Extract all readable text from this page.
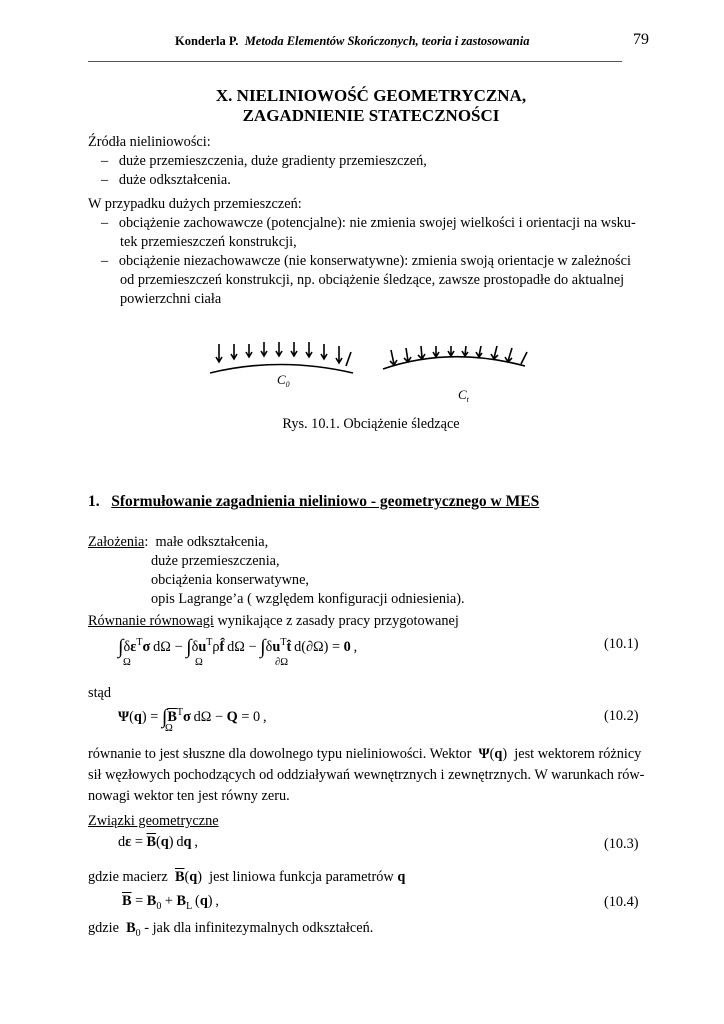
Konderla P. Metoda Elementów Skończonych, teoria i zastosowania	79
X. NIELINIOWOŚĆ GEOMETRYCZNA,
ZAGADNIENIE STATECZNOŚCI
Źródła nieliniowości:
–   duże przemieszczenia, duże gradienty przemieszczeń,
–   duże odkształcenia.
W przypadku dużych przemieszczeń:
–   obciążenie zachowawcze (potencjalne): nie zmienia swojej wielkości i orientacji na wsku-
tek przemieszczeń konstrukcji,
–   obciążenie niezachowawcze (nie konserwatywne): zmienia swoją orientacje w zależności
od przemieszczeń konstrukcji, np. obciążenie śledzące, zawsze prostopadłe do aktualnej
powierzchni ciała
$C_0$
$C_t$
Rys. 10.1. Obciążenie śledzące
1. Sformułowanie zagadnienia nieliniowo - geometrycznego w MES
Założenia:  małe odkształcenia,
duże przemieszczenia,
obciążenia konserwatywne,
opis Lagrange’a ( względem konfiguracji odniesienia).
Równanie równowagi wynikające z zasady pracy przygotowanej
$\int\delta\varepsilon^T\sigma$ $d\Omega - \int\delta u^T\rho f̂$ $d\Omega - \int\delta u^Tt̂$ d(∂Ω) = 0 ,
Ω	Ω	∂Ω
(10.1)
stąd
$\Psi(q) = \int\overline{B}^T\sigma$ dΩ − Q = 0 ,
Ω
(10.2)
równanie to jest słuszne dla dowolnego typu nieliniowości. Wektor Ψ(q)  jest wektorem różnicy
sił węzłowych pochodzących od oddziaływań wewnętrznych i zewnętrznych. W warunkach rów-
nowagi wektor ten jest równy zeru.
Związki geometryczne
$d\varepsilon = \overline{B}(q)$ dq ,	(10.3)
gdzie macierz $\overline{B}(q)$  jest liniowa funkcja parametrów q
$\overline{B} = B_0 + B_L$ (q) ,	(10.4)
gdzie $B_0$ - jak dla infinitezymalnych odkształceń.
